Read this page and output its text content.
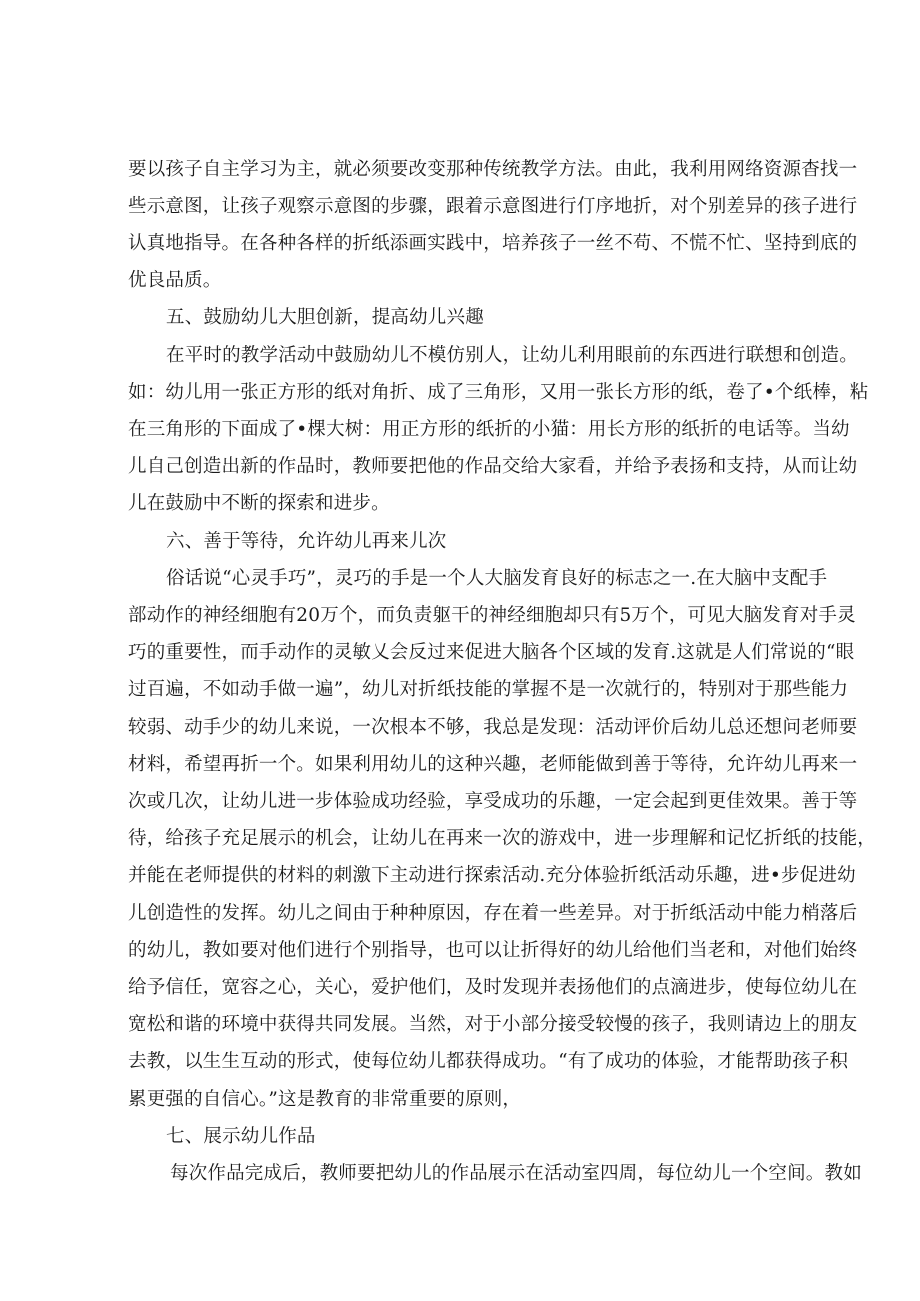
要以孩子自主学习为主，就必须要改变那种传统教学方法。由此，我利用网络资源杳找一
些示意图，让孩子观察示意图的步骤，跟着示意图进行仃序地折，对个别差异的孩子进行
认真地指导。在各种各样的折纸添画实践中，培养孩子一丝不苟、不慌不忙、坚持到底的
优良品质。
五、鼓励幼儿大胆创新，提高幼儿兴趣
在平时的教学活动中鼓励幼儿不模仿别人，让幼儿利用眼前的东西进行联想和创造。
如：幼儿用一张正方形的纸对角折、成了三角形，又用一张长方形的纸，卷了•个纸棒，粘
在三角形的下面成了•棵大树：用正方形的纸折的小猫：用长方形的纸折的电话等。当幼
儿自己创造出新的作品时，教师要把他的作品交给大家看，并给予表扬和支持，从而让幼
儿在鼓励中不断的探索和进步。
六、善于等待，允许幼儿再来儿次
俗话说“心灵手巧”，灵巧的手是一个人大脑发育良好的标志之一.在大脑中支配手
部动作的神经细胞有20万个，而负责躯干的神经细胞却只有5万个，可见大脑发育对手灵
巧的重要性，而手动作的灵敏乂会反过来促进大脑各个区域的发育.这就是人们常说的“眼
过百遍，不如动手做一遍”，幼儿对折纸技能的掌握不是一次就行的，特别对于那些能力
较弱、动手少的幼儿来说，一次根本不够，我总是发现：活动评价后幼儿总还想问老师要
材料，希望再折一个。如果利用幼儿的这种兴趣，老师能做到善于等待，允许幼儿再来一
次或几次，让幼儿进一步体验成功经验，享受成功的乐趣，一定会起到更佳效果。善于等
待，给孩子充足展示的机会，让幼儿在再来一次的游戏中，进一步理解和记忆折纸的技能，
并能在老师提供的材料的刺激下主动进行探索活动.充分体验折纸活动乐趣，进•步促进幼
儿创造性的发挥。幼儿之间由于种种原因，存在着一些差异。对于折纸活动中能力梢落后
的幼儿，教如要对他们进行个别指导，也可以让折得好的幼儿给他们当老和，对他们始终
给予信任，宽容之心，关心，爱护他们，及时发现并表扬他们的点滴进步，使每位幼儿在
宽松和谐的环境中获得共同发展。当然，对于小部分接受较慢的孩子，我则请边上的朋友
去教，以生生互动的形式，使每位幼儿都获得成功。“有了成功的体验，才能帮助孩子积
累更强的自信心。”这是教育的非常重要的原则，
七、展示幼儿作品
每次作品完成后，教师要把幼儿的作品展示在活动室四周，每位幼儿一个空间。教如
